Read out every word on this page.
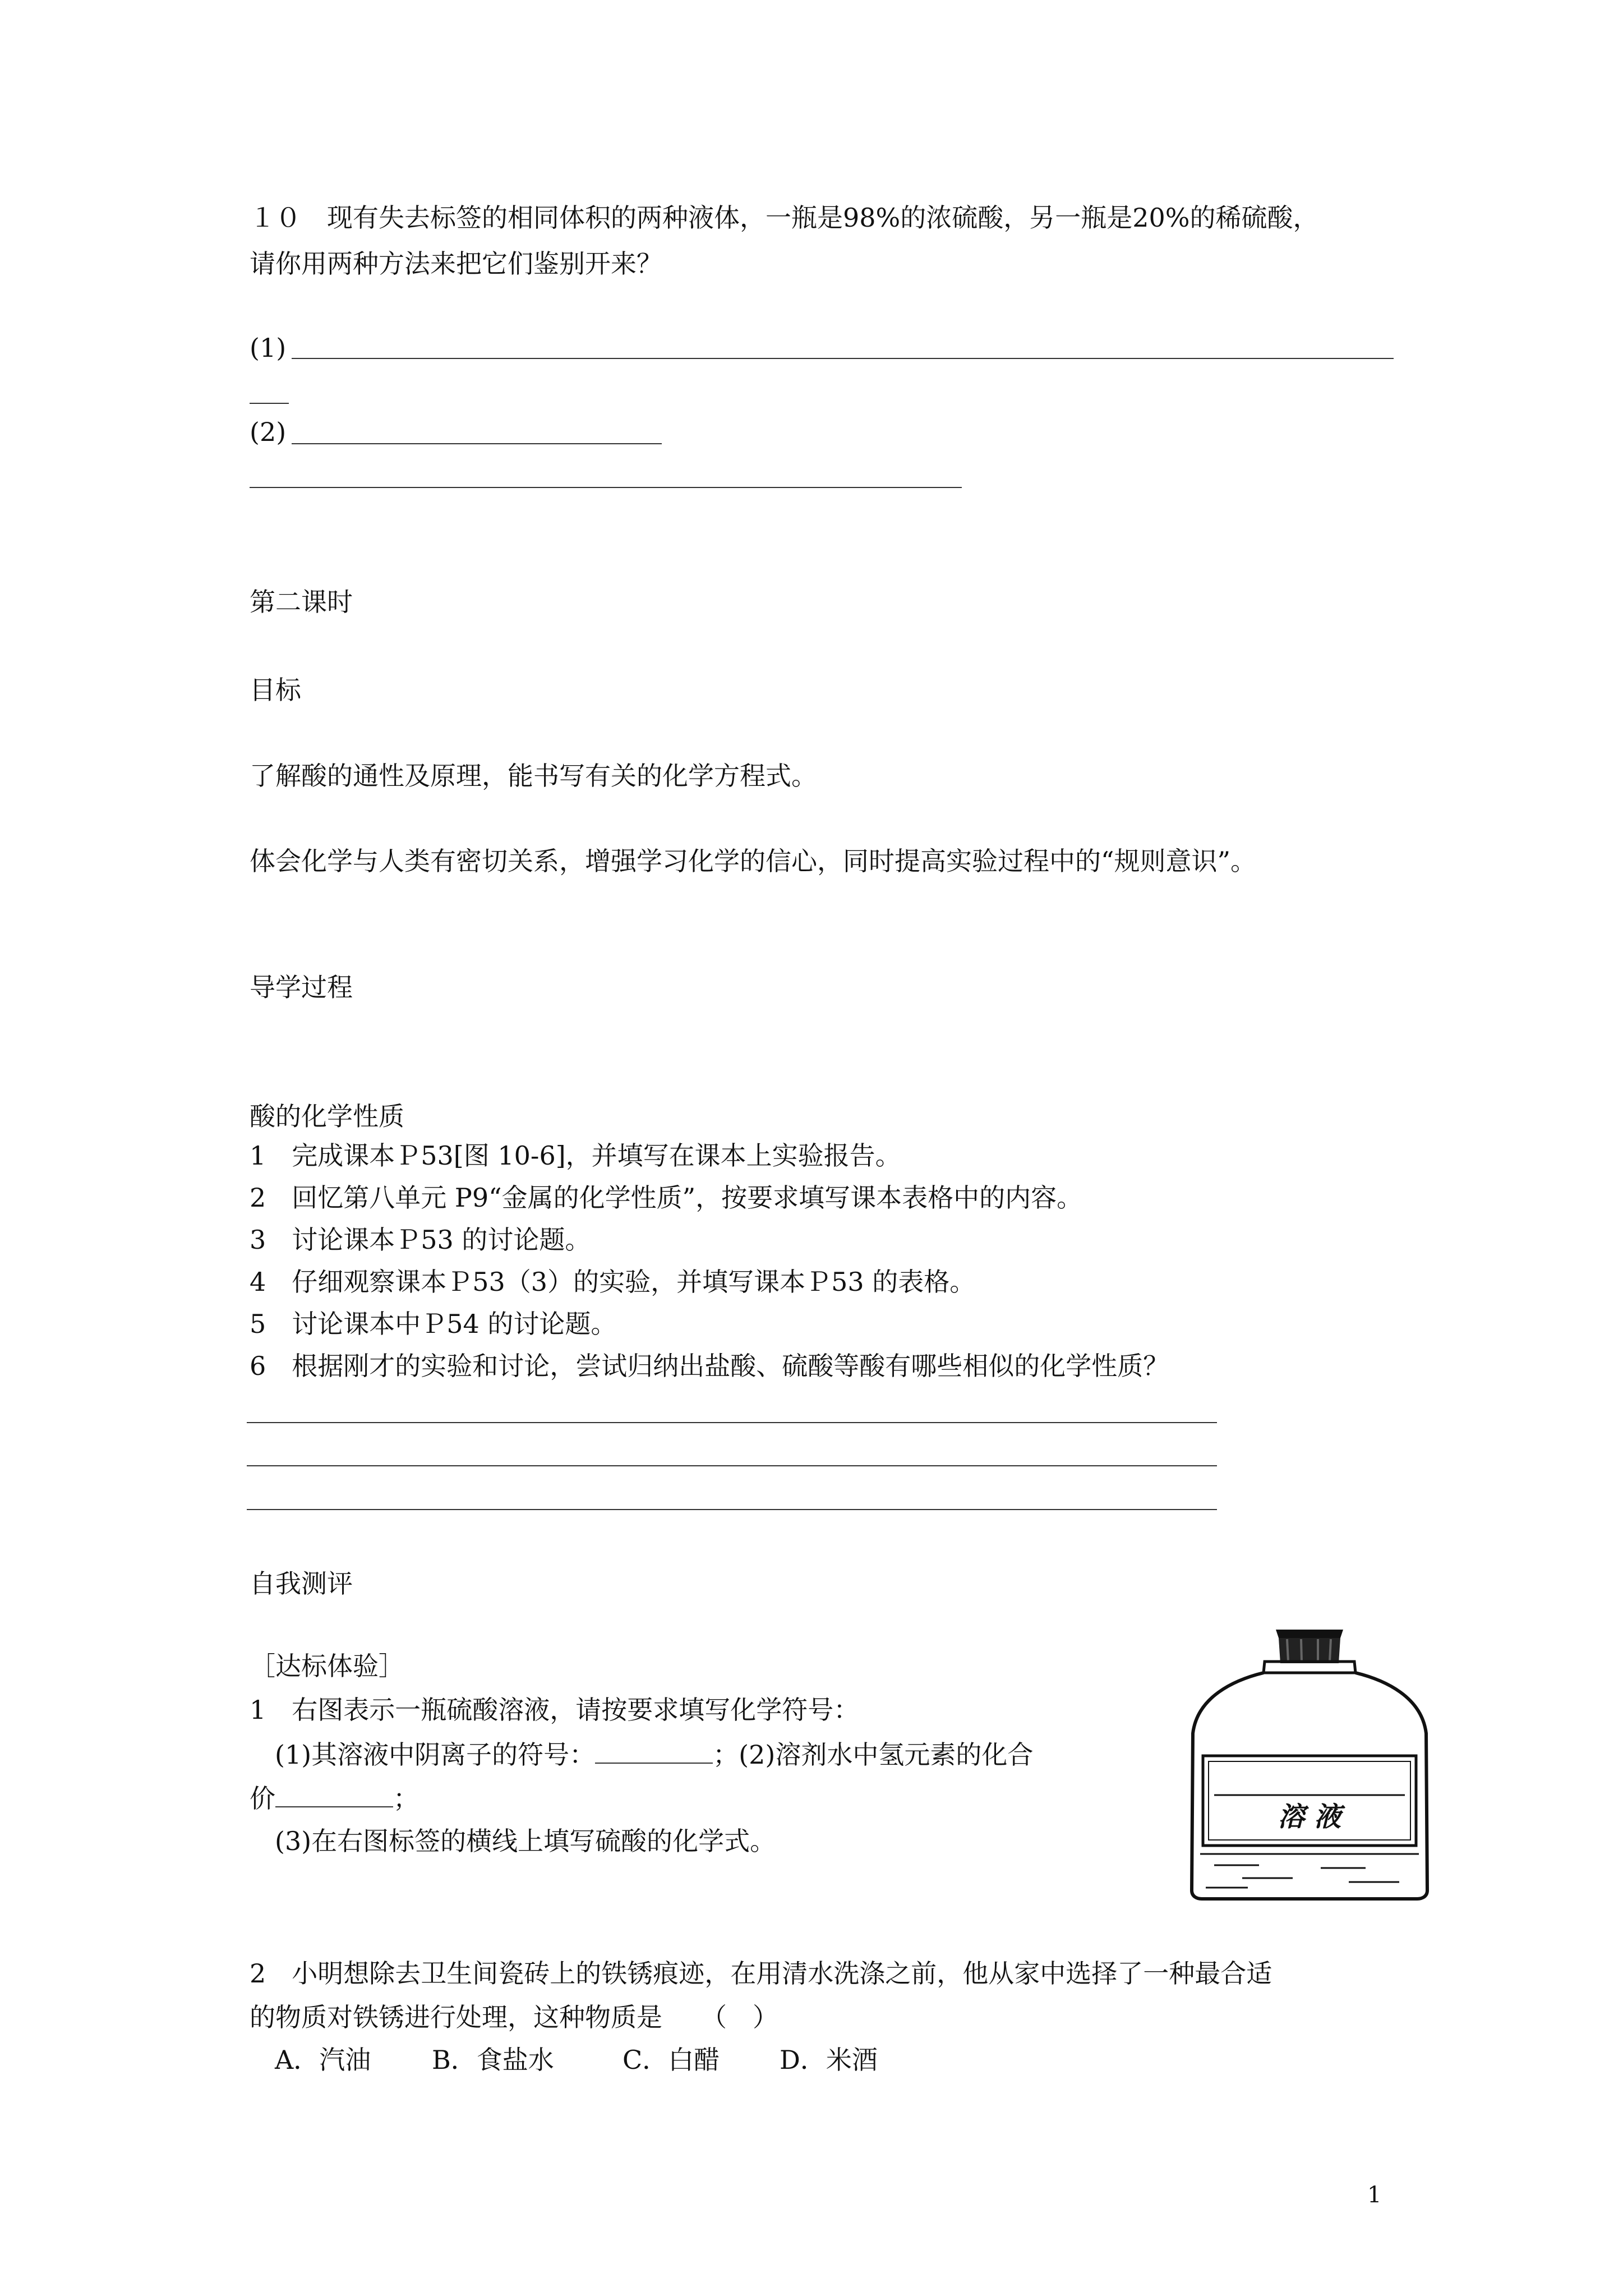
１０　现有失去标签的相同体积的两种液体，一瓶是98%的浓硫酸，另一瓶是20%的稀硫酸，
请你用两种方法来把它们鉴别开来？
(1)
(2)
第二课时
目标
了解酸的通性及原理，能书写有关的化学方程式。
体会化学与人类有密切关系，增强学习化学的信心，同时提高实验过程中的“规则意识”。
导学过程
酸的化学性质
1　完成课本Ｐ53[图 10-6]，并填写在课本上实验报告。
2　回忆第八单元 P9“金属的化学性质”，按要求填写课本表格中的内容。
3　讨论课本Ｐ53 的讨论题。
4　仔细观察课本Ｐ53（3）的实验，并填写课本Ｐ53 的表格。
5　讨论课本中Ｐ54 的讨论题。
6　根据刚才的实验和讨论，尝试归纳出盐酸、硫酸等酸有哪些相似的化学性质？
自我测评
［达标体验］
1　右图表示一瓶硫酸溶液，请按要求填写化学符号：
(1)其溶液中阴离子的符号：	；(2)溶剂水中氢元素的化合
价	；
(3)在右图标签的横线上填写硫酸的化学式。
溶 液
2　小明想除去卫生间瓷砖上的铁锈痕迹，在用清水洗涤之前，他从家中选择了一种最合适
的物质对铁锈进行处理，这种物质是　　（　）
A．汽油 B．食盐水	C．白醋 D．米酒
1
